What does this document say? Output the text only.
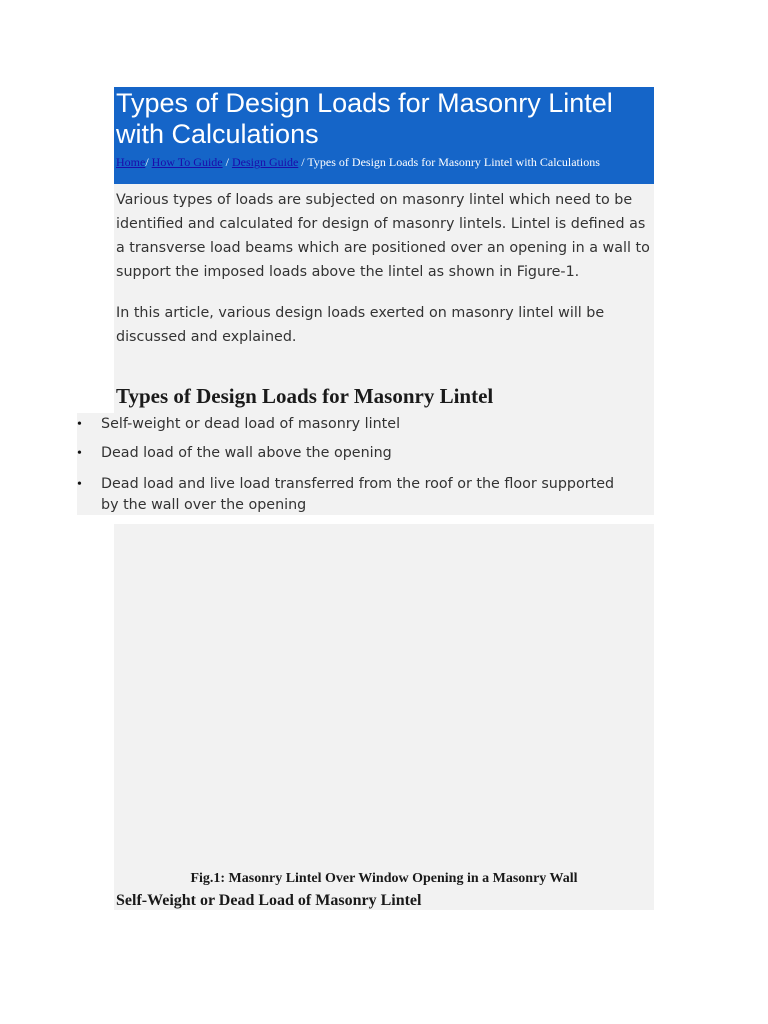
Types of Design Loads for Masonry Lintel with Calculations
Home/ How To Guide / Design Guide / Types of Design Loads for Masonry Lintel with Calculations

Various types of loads are subjected on masonry lintel which need to be identified and calculated for design of masonry lintels. Lintel is defined as a transverse load beams which are positioned over an opening in a wall to support the imposed loads above the lintel as shown in Figure-1.

In this article, various design loads exerted on masonry lintel will be discussed and explained.

Types of Design Loads for Masonry Lintel
• Self-weight or dead load of masonry lintel
• Dead load of the wall above the opening
• Dead load and live load transferred from the roof or the floor supported by the wall over the opening

Fig.1: Masonry Lintel Over Window Opening in a Masonry Wall

Self-Weight or Dead Load of Masonry Lintel
